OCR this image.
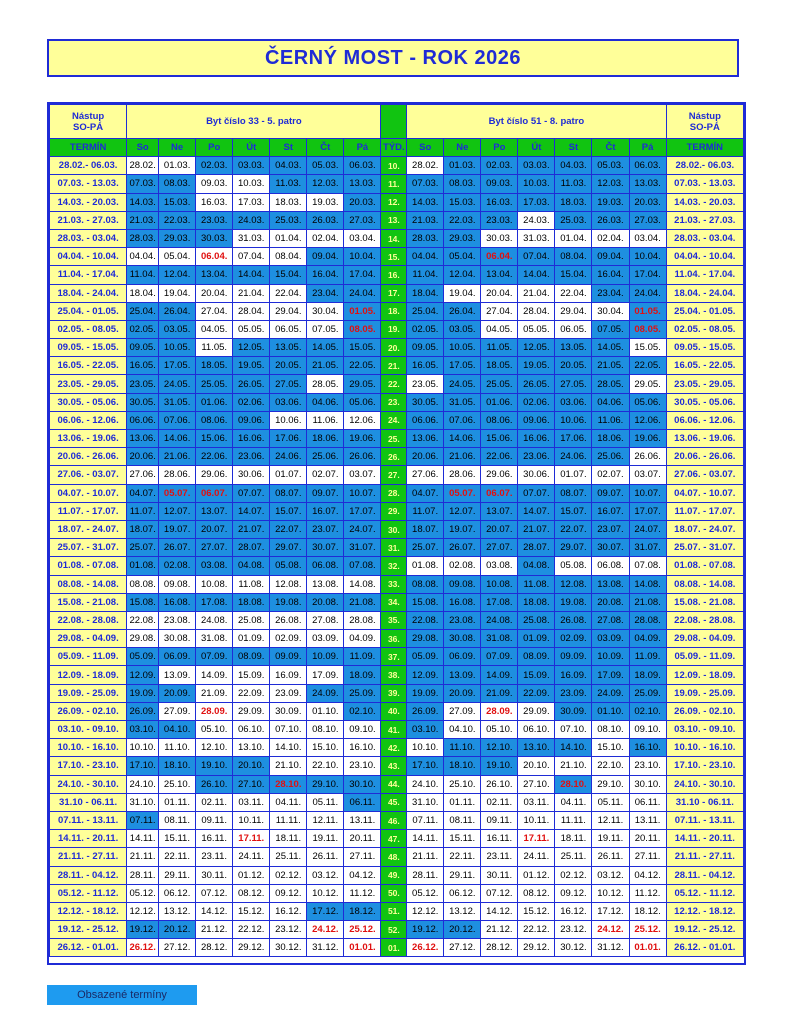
ČERNÝ MOST - ROK 2026
Nástup
SO-PÁ	Byt číslo 33 - 5. patro								Byt číslo 51 - 8. patro							Nástup
SO-PÁ
TERMÍN	So	Ne	Po	Út	St	Čt	Pá	TÝD.	So	Ne	Po	Út	St	Čt	Pá	TERMÍN
28.02.- 06.03.	28.02.	01.03.	02.03.	03.03.	04.03.	05.03.	06.03.	10.	28.02.	01.03.	02.03.	03.03.	04.03.	05.03.	06.03.	28.02.- 06.03.
07.03. - 13.03.	07.03.	08.03.	09.03.	10.03.	11.03.	12.03.	13.03.	11.	07.03.	08.03.	09.03.	10.03.	11.03.	12.03.	13.03.	07.03. - 13.03.
14.03. - 20.03.	14.03.	15.03.	16.03.	17.03.	18.03.	19.03.	20.03.	12.	14.03.	15.03.	16.03.	17.03.	18.03.	19.03.	20.03.	14.03. - 20.03.
21.03. - 27.03.	21.03.	22.03.	23.03.	24.03.	25.03.	26.03.	27.03.	13.	21.03.	22.03.	23.03.	24.03.	25.03.	26.03.	27.03.	21.03. - 27.03.
28.03. - 03.04.	28.03.	29.03.	30.03.	31.03.	01.04.	02.04.	03.04.	14.	28.03.	29.03.	30.03.	31.03.	01.04.	02.04.	03.04.	28.03. - 03.04.
04.04. - 10.04.	04.04.	05.04.	06.04.	07.04.	08.04.	09.04.	10.04.	15.	04.04.	05.04.	06.04.	07.04.	08.04.	09.04.	10.04.	04.04. - 10.04.
11.04. - 17.04.	11.04.	12.04.	13.04.	14.04.	15.04.	16.04.	17.04.	16.	11.04.	12.04.	13.04.	14.04.	15.04.	16.04.	17.04.	11.04. - 17.04.
18.04. - 24.04.	18.04.	19.04.	20.04.	21.04.	22.04.	23.04.	24.04.	17.	18.04.	19.04.	20.04.	21.04.	22.04.	23.04.	24.04.	18.04. - 24.04.
25.04. - 01.05.	25.04.	26.04.	27.04.	28.04.	29.04.	30.04.	01.05.	18.	25.04.	26.04.	27.04.	28.04.	29.04.	30.04.	01.05.	25.04. - 01.05.
02.05. - 08.05.	02.05.	03.05.	04.05.	05.05.	06.05.	07.05.	08.05.	19.	02.05.	03.05.	04.05.	05.05.	06.05.	07.05.	08.05.	02.05. - 08.05.
09.05. - 15.05.	09.05.	10.05.	11.05.	12.05.	13.05.	14.05.	15.05.	20.	09.05.	10.05.	11.05.	12.05.	13.05.	14.05.	15.05.	09.05. - 15.05.
16.05. - 22.05.	16.05.	17.05.	18.05.	19.05.	20.05.	21.05.	22.05.	21.	16.05.	17.05.	18.05.	19.05.	20.05.	21.05.	22.05.	16.05. - 22.05.
23.05. - 29.05.	23.05.	24.05.	25.05.	26.05.	27.05.	28.05.	29.05.	22.	23.05.	24.05.	25.05.	26.05.	27.05.	28.05.	29.05.	23.05. - 29.05.
30.05. - 05.06.	30.05.	31.05.	01.06.	02.06.	03.06.	04.06.	05.06.	23.	30.05.	31.05.	01.06.	02.06.	03.06.	04.06.	05.06.	30.05. - 05.06.
06.06. - 12.06.	06.06.	07.06.	08.06.	09.06.	10.06.	11.06.	12.06.	24.	06.06.	07.06.	08.06.	09.06.	10.06.	11.06.	12.06.	06.06. - 12.06.
13.06. - 19.06.	13.06.	14.06.	15.06.	16.06.	17.06.	18.06.	19.06.	25.	13.06.	14.06.	15.06.	16.06.	17.06.	18.06.	19.06.	13.06. - 19.06.
20.06. - 26.06.	20.06.	21.06.	22.06.	23.06.	24.06.	25.06.	26.06.	26.	20.06.	21.06.	22.06.	23.06.	24.06.	25.06.	26.06.	20.06. - 26.06.
27.06. - 03.07.	27.06.	28.06.	29.06.	30.06.	01.07.	02.07.	03.07.	27.	27.06.	28.06.	29.06.	30.06.	01.07.	02.07.	03.07.	27.06. - 03.07.
04.07. - 10.07.	04.07.	05.07.	06.07.	07.07.	08.07.	09.07.	10.07.	28.	04.07.	05.07.	06.07.	07.07.	08.07.	09.07.	10.07.	04.07. - 10.07.
11.07. - 17.07.	11.07.	12.07.	13.07.	14.07.	15.07.	16.07.	17.07.	29.	11.07.	12.07.	13.07.	14.07.	15.07.	16.07.	17.07.	11.07. - 17.07.
18.07. - 24.07.	18.07.	19.07.	20.07.	21.07.	22.07.	23.07.	24.07.	30.	18.07.	19.07.	20.07.	21.07.	22.07.	23.07.	24.07.	18.07. - 24.07.
25.07. - 31.07.	25.07.	26.07.	27.07.	28.07.	29.07.	30.07.	31.07.	31.	25.07.	26.07.	27.07.	28.07.	29.07.	30.07.	31.07.	25.07. - 31.07.
01.08. - 07.08.	01.08.	02.08.	03.08.	04.08.	05.08.	06.08.	07.08.	32.	01.08.	02.08.	03.08.	04.08.	05.08.	06.08.	07.08.	01.08. - 07.08.
08.08. - 14.08.	08.08.	09.08.	10.08.	11.08.	12.08.	13.08.	14.08.	33.	08.08.	09.08.	10.08.	11.08.	12.08.	13.08.	14.08.	08.08. - 14.08.
15.08. - 21.08.	15.08.	16.08.	17.08.	18.08.	19.08.	20.08.	21.08.	34.	15.08.	16.08.	17.08.	18.08.	19.08.	20.08.	21.08.	15.08. - 21.08.
22.08. - 28.08.	22.08.	23.08.	24.08.	25.08.	26.08.	27.08.	28.08.	35.	22.08.	23.08.	24.08.	25.08.	26.08.	27.08.	28.08.	22.08. - 28.08.
29.08. - 04.09.	29.08.	30.08.	31.08.	01.09.	02.09.	03.09.	04.09.	36.	29.08.	30.08.	31.08.	01.09.	02.09.	03.09.	04.09.	29.08. - 04.09.
05.09. - 11.09.	05.09.	06.09.	07.09.	08.09.	09.09.	10.09.	11.09.	37.	05.09.	06.09.	07.09.	08.09.	09.09.	10.09.	11.09.	05.09. - 11.09.
12.09. - 18.09.	12.09.	13.09.	14.09.	15.09.	16.09.	17.09.	18.09.	38.	12.09.	13.09.	14.09.	15.09.	16.09.	17.09.	18.09.	12.09. - 18.09.
19.09. - 25.09.	19.09.	20.09.	21.09.	22.09.	23.09.	24.09.	25.09.	39.	19.09.	20.09.	21.09.	22.09.	23.09.	24.09.	25.09.	19.09. - 25.09.
26.09. - 02.10.	26.09.	27.09.	28.09.	29.09.	30.09.	01.10.	02.10.	40.	26.09.	27.09.	28.09.	29.09.	30.09.	01.10.	02.10.	26.09. - 02.10.
03.10. - 09.10.	03.10.	04.10.	05.10.	06.10.	07.10.	08.10.	09.10.	41.	03.10.	04.10.	05.10.	06.10.	07.10.	08.10.	09.10.	03.10. - 09.10.
10.10. - 16.10.	10.10.	11.10.	12.10.	13.10.	14.10.	15.10.	16.10.	42.	10.10.	11.10.	12.10.	13.10.	14.10.	15.10.	16.10.	10.10. - 16.10.
17.10. - 23.10.	17.10.	18.10.	19.10.	20.10.	21.10.	22.10.	23.10.	43.	17.10.	18.10.	19.10.	20.10.	21.10.	22.10.	23.10.	17.10. - 23.10.
24.10. - 30.10.	24.10.	25.10.	26.10.	27.10.	28.10.	29.10.	30.10.	44.	24.10.	25.10.	26.10.	27.10.	28.10.	29.10.	30.10.	24.10. - 30.10.
31.10 - 06.11.	31.10.	01.11.	02.11.	03.11.	04.11.	05.11.	06.11.	45.	31.10.	01.11.	02.11.	03.11.	04.11.	05.11.	06.11.	31.10 - 06.11.
07.11. - 13.11.	07.11.	08.11.	09.11.	10.11.	11.11.	12.11.	13.11.	46.	07.11.	08.11.	09.11.	10.11.	11.11.	12.11.	13.11.	07.11. - 13.11.
14.11. - 20.11.	14.11.	15.11.	16.11.	17.11.	18.11.	19.11.	20.11.	47.	14.11.	15.11.	16.11.	17.11.	18.11.	19.11.	20.11.	14.11. - 20.11.
21.11. - 27.11.	21.11.	22.11.	23.11.	24.11.	25.11.	26.11.	27.11.	48.	21.11.	22.11.	23.11.	24.11.	25.11.	26.11.	27.11.	21.11. - 27.11.
28.11. - 04.12.	28.11.	29.11.	30.11.	01.12.	02.12.	03.12.	04.12.	49.	28.11.	29.11.	30.11.	01.12.	02.12.	03.12.	04.12.	28.11. - 04.12.
05.12. - 11.12.	05.12.	06.12.	07.12.	08.12.	09.12.	10.12.	11.12.	50.	05.12.	06.12.	07.12.	08.12.	09.12.	10.12.	11.12.	05.12. - 11.12.
12.12. - 18.12.	12.12.	13.12.	14.12.	15.12.	16.12.	17.12.	18.12.	51.	12.12.	13.12.	14.12.	15.12.	16.12.	17.12.	18.12.	12.12. - 18.12.
19.12. - 25.12.	19.12.	20.12.	21.12.	22.12.	23.12.	24.12.	25.12.	52.	19.12.	20.12.	21.12.	22.12.	23.12.	24.12.	25.12.	19.12. - 25.12.
26.12. - 01.01.	26.12.	27.12.	28.12.	29.12.	30.12.	31.12.	01.01.	01.	26.12.	27.12.	28.12.	29.12.	30.12.	31.12.	01.01.	26.12. - 01.01.
Obsazené termíny
